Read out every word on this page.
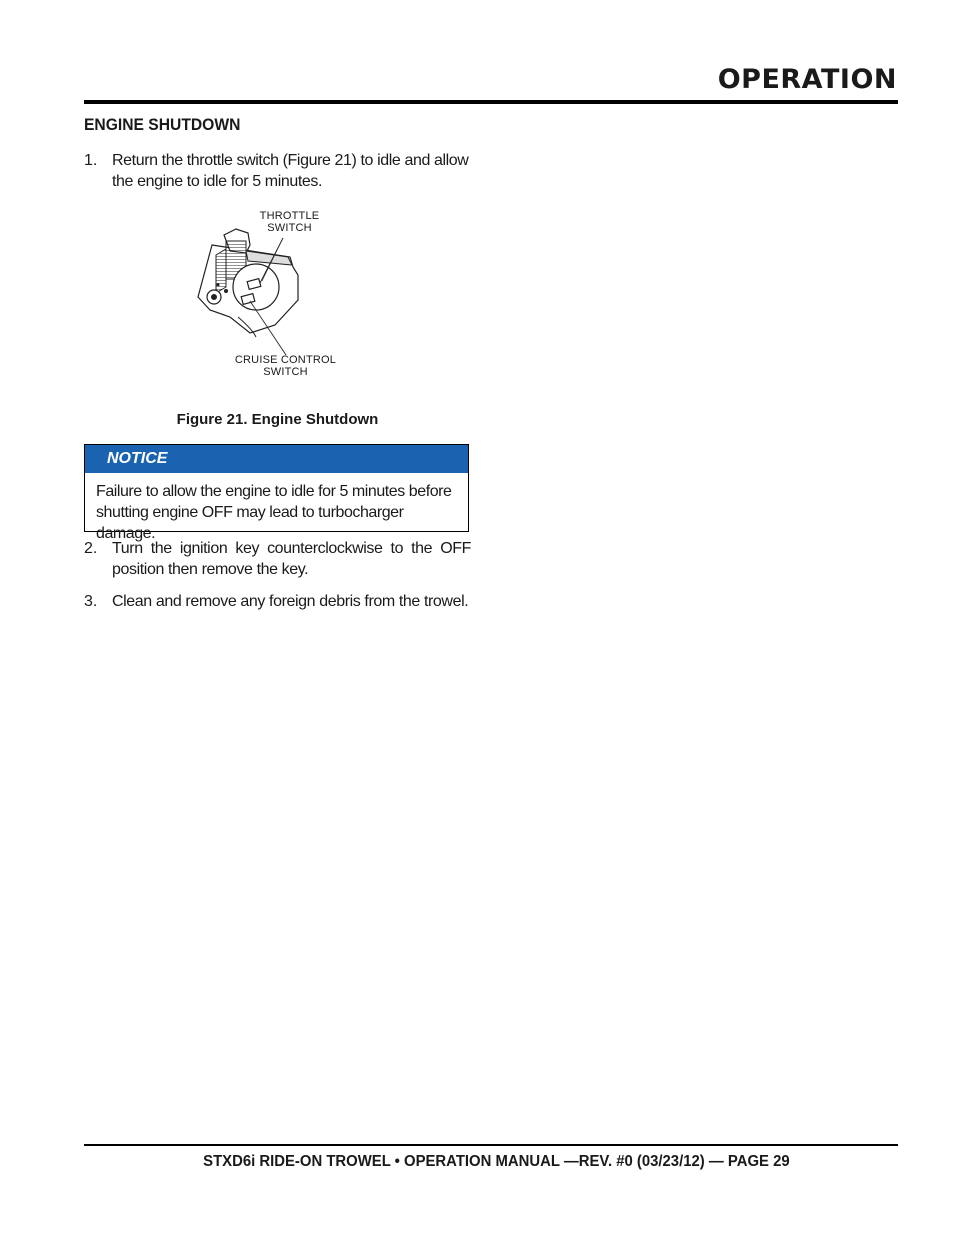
OPERATION
ENGINE SHUTDOWN
1. Return the throttle switch (Figure 21) to idle and allow the engine to idle for 5 minutes.
THROTTLE
SWITCH
CRUISE CONTROL
SWITCH

Figure 21. Engine Shutdown

NOTICE
Failure to allow the engine to idle for 5 minutes before shutting engine OFF may lead to turbocharger damage.
2. Turn the ignition key counterclockwise to the OFF position then remove the key.
3. Clean and remove any foreign debris from the trowel.

STXD6i RIDE-ON TROWEL • OPERATION MANUAL —REV. #0 (03/23/12) — PAGE 29
